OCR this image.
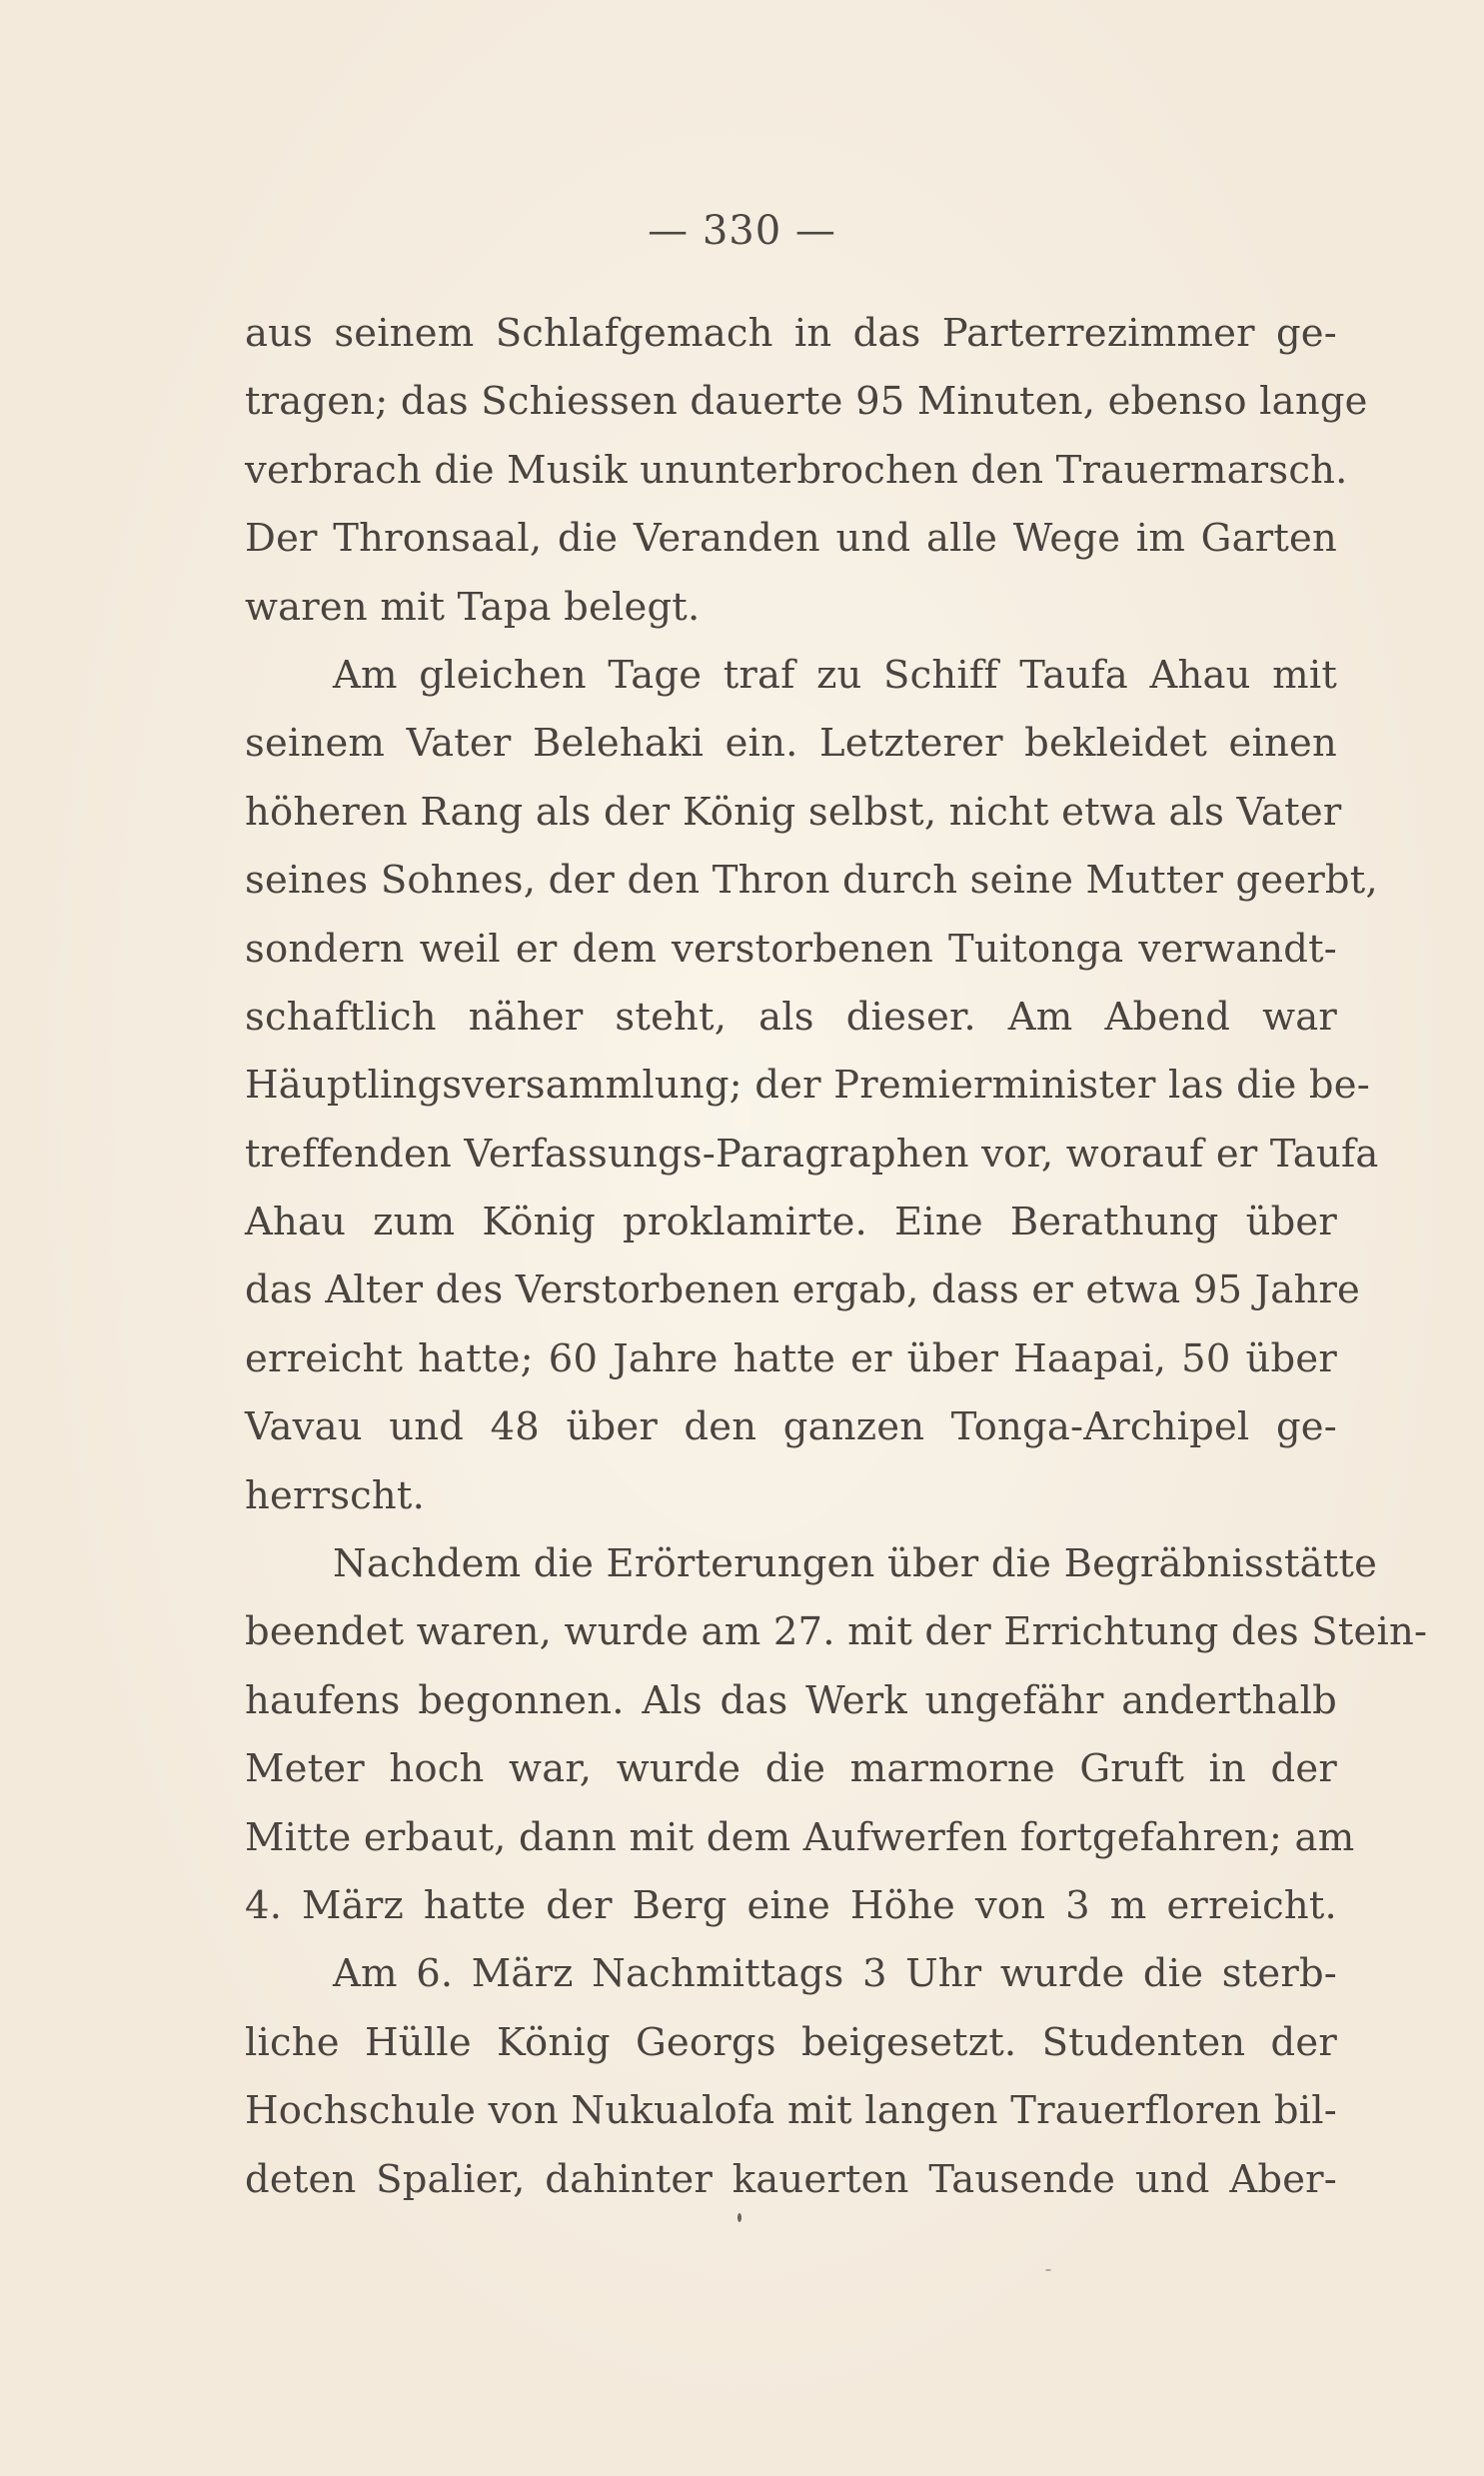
— 330 —
aus seinem Schlafgemach in das Parterrezimmer ge-
tragen; das Schiessen dauerte 95 Minuten, ebenso lange
verbrach die Musik ununterbrochen den Trauermarsch.
Der Thronsaal, die Veranden und alle Wege im Garten
waren mit Tapa belegt.
Am gleichen Tage traf zu Schiff Taufa Ahau mit
seinem Vater Belehaki ein. Letzterer bekleidet einen
höheren Rang als der König selbst, nicht etwa als Vater
seines Sohnes, der den Thron durch seine Mutter geerbt,
sondern weil er dem verstorbenen Tuitonga verwandt-
schaftlich näher steht, als dieser. Am Abend war
Häuptlingsversammlung; der Premierminister las die be-
treffenden Verfassungs-Paragraphen vor, worauf er Taufa
Ahau zum König proklamirte. Eine Berathung über
das Alter des Verstorbenen ergab, dass er etwa 95 Jahre
erreicht hatte; 60 Jahre hatte er über Haapai, 50 über
Vavau und 48 über den ganzen Tonga-Archipel ge-
herrscht.
Nachdem die Erörterungen über die Begräbnisstätte
beendet waren, wurde am 27. mit der Errichtung des Stein-
haufens begonnen. Als das Werk ungefähr anderthalb
Meter hoch war, wurde die marmorne Gruft in der
Mitte erbaut, dann mit dem Aufwerfen fortgefahren; am
4. März hatte der Berg eine Höhe von 3 m erreicht.
Am 6. März Nachmittags 3 Uhr wurde die sterb-
liche Hülle König Georgs beigesetzt. Studenten der
Hochschule von Nukualofa mit langen Trauerfloren bil-
deten Spalier, dahinter kauerten Tausende und Aber-
